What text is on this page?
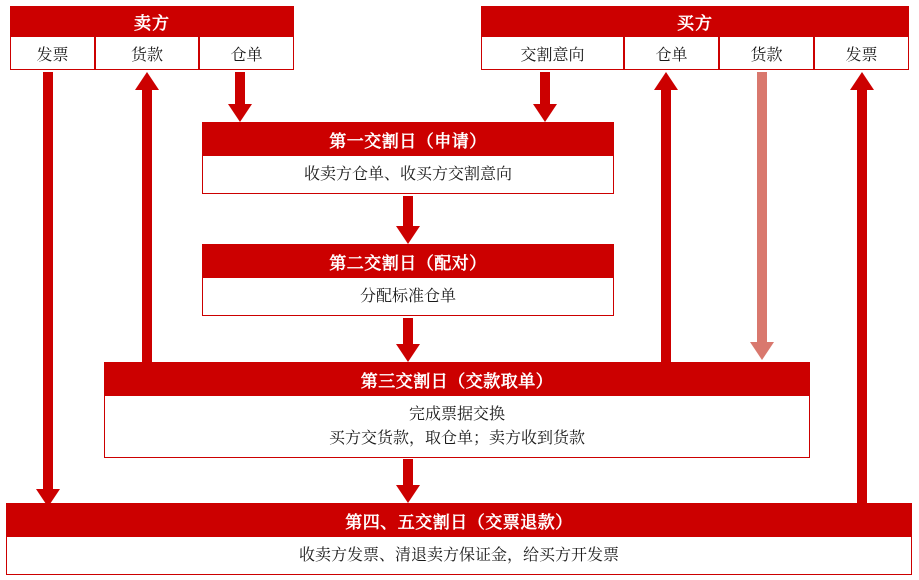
卖方
发票	货款	仓单
买方
交割意向	仓单	货款	发票
第一交割日（申请）
收卖方仓单、收买方交割意向
第二交割日（配对）
分配标准仓单
第三交割日（交款取单）
完成票据交换
买方交货款，取仓单；卖方收到货款
第四、五交割日（交票退款）
收卖方发票、清退卖方保证金，给买方开发票
